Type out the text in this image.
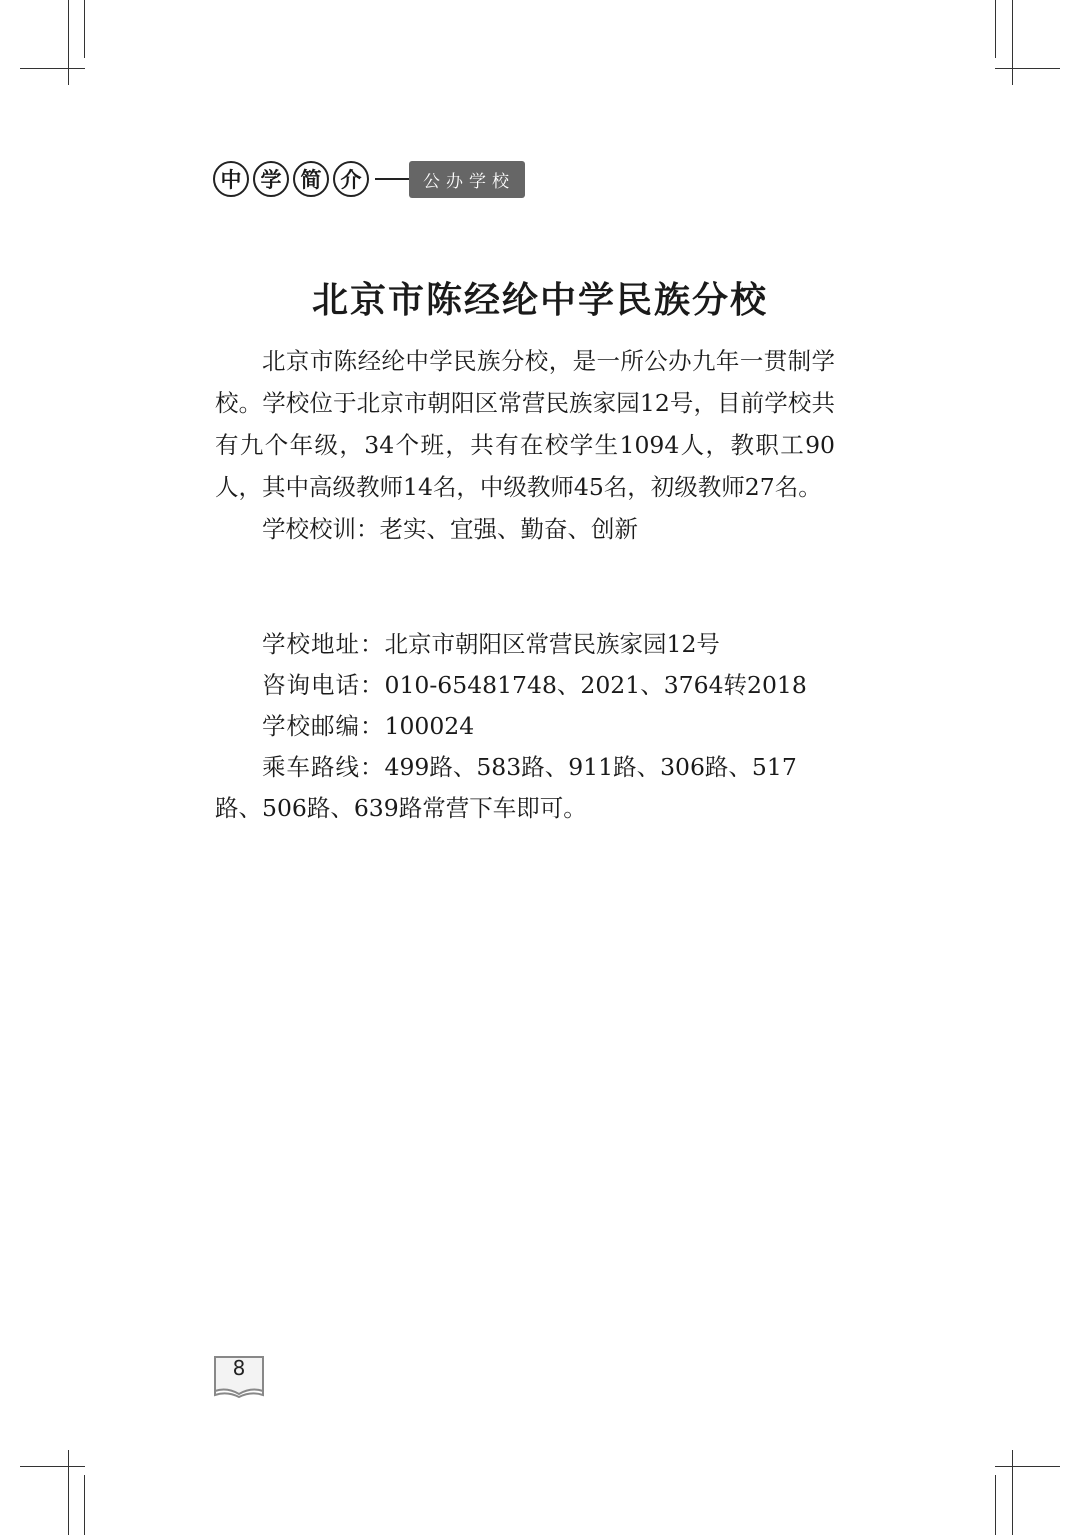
中 学 简 介	公办学校
北京市陈经纶中学民族分校

北京市陈经纶中学民族分校，是一所公办九年一贯制学校。学校位于北京市朝阳区常营民族家园12号，目前学校共有九个年级，34个班，共有在校学生1094人，教职工90人，其中高级教师14名，中级教师45名，初级教师27名。

学校校训：老实、宜强、勤奋、创新

学校地址：北京市朝阳区常营民族家园12号

咨询电话：010-65481748、2021、3764转2018

学校邮编：100024

乘车路线：499路、583路、911路、306路、517路、506路、639路常营下车即可。

8
